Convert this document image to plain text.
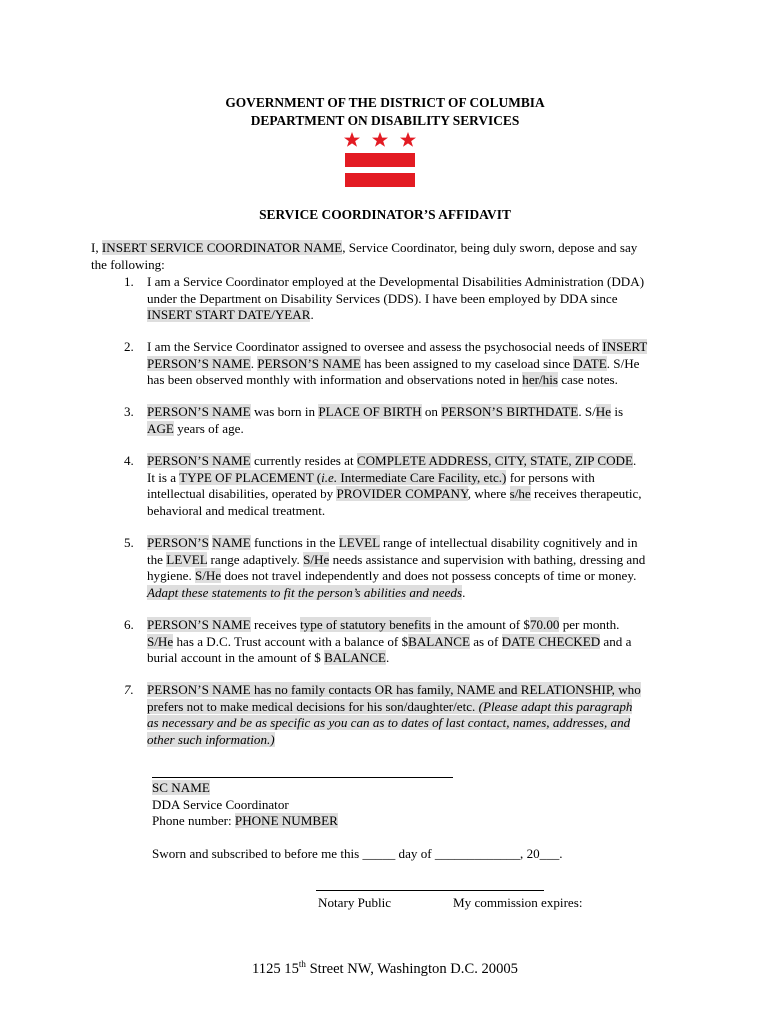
GOVERNMENT OF THE DISTRICT OF COLUMBIA
DEPARTMENT ON DISABILITY SERVICES
SERVICE COORDINATOR’S AFFIDAVIT
I, INSERT SERVICE COORDINATOR NAME, Service Coordinator, being duly sworn, depose and say
the following:
1. I am a Service Coordinator employed at the Developmental Disabilities Administration (DDA)
under the Department on Disability Services (DDS). I have been employed by DDA since
INSERT START DATE/YEAR.
2. I am the Service Coordinator assigned to oversee and assess the psychosocial needs of INSERT
PERSON’S NAME. PERSON’S NAME has been assigned to my caseload since DATE. S/He
has been observed monthly with information and observations noted in her/his case notes.
3. PERSON’S NAME was born in PLACE OF BIRTH on PERSON’S BIRTHDATE. S/He is
AGE years of age.
4. PERSON’S NAME currently resides at COMPLETE ADDRESS, CITY, STATE, ZIP CODE.
It is a TYPE OF PLACEMENT (i.e. Intermediate Care Facility, etc.) for persons with
intellectual disabilities, operated by PROVIDER COMPANY, where s/he receives therapeutic,
behavioral and medical treatment.
5. PERSON’S NAME functions in the LEVEL range of intellectual disability cognitively and in
the LEVEL range adaptively. S/He needs assistance and supervision with bathing, dressing and
hygiene. S/He does not travel independently and does not possess concepts of time or money.
Adapt these statements to fit the person’s abilities and needs.
6. PERSON’S NAME receives type of statutory benefits in the amount of $70.00 per month.
S/He has a D.C. Trust account with a balance of $BALANCE as of DATE CHECKED and a
burial account in the amount of $ BALANCE.
7. PERSON’S NAME has no family contacts OR has family, NAME and RELATIONSHIP, who
prefers not to make medical decisions for his son/daughter/etc. (Please adapt this paragraph
as necessary and be as specific as you can as to dates of last contact, names, addresses, and
other such information.)
SC NAME
DDA Service Coordinator
Phone number: PHONE NUMBER
Sworn and subscribed to before me this _____ day of _____________, 20___.
Notary Public	My commission expires:
1125 15th Street NW, Washington D.C. 20005
